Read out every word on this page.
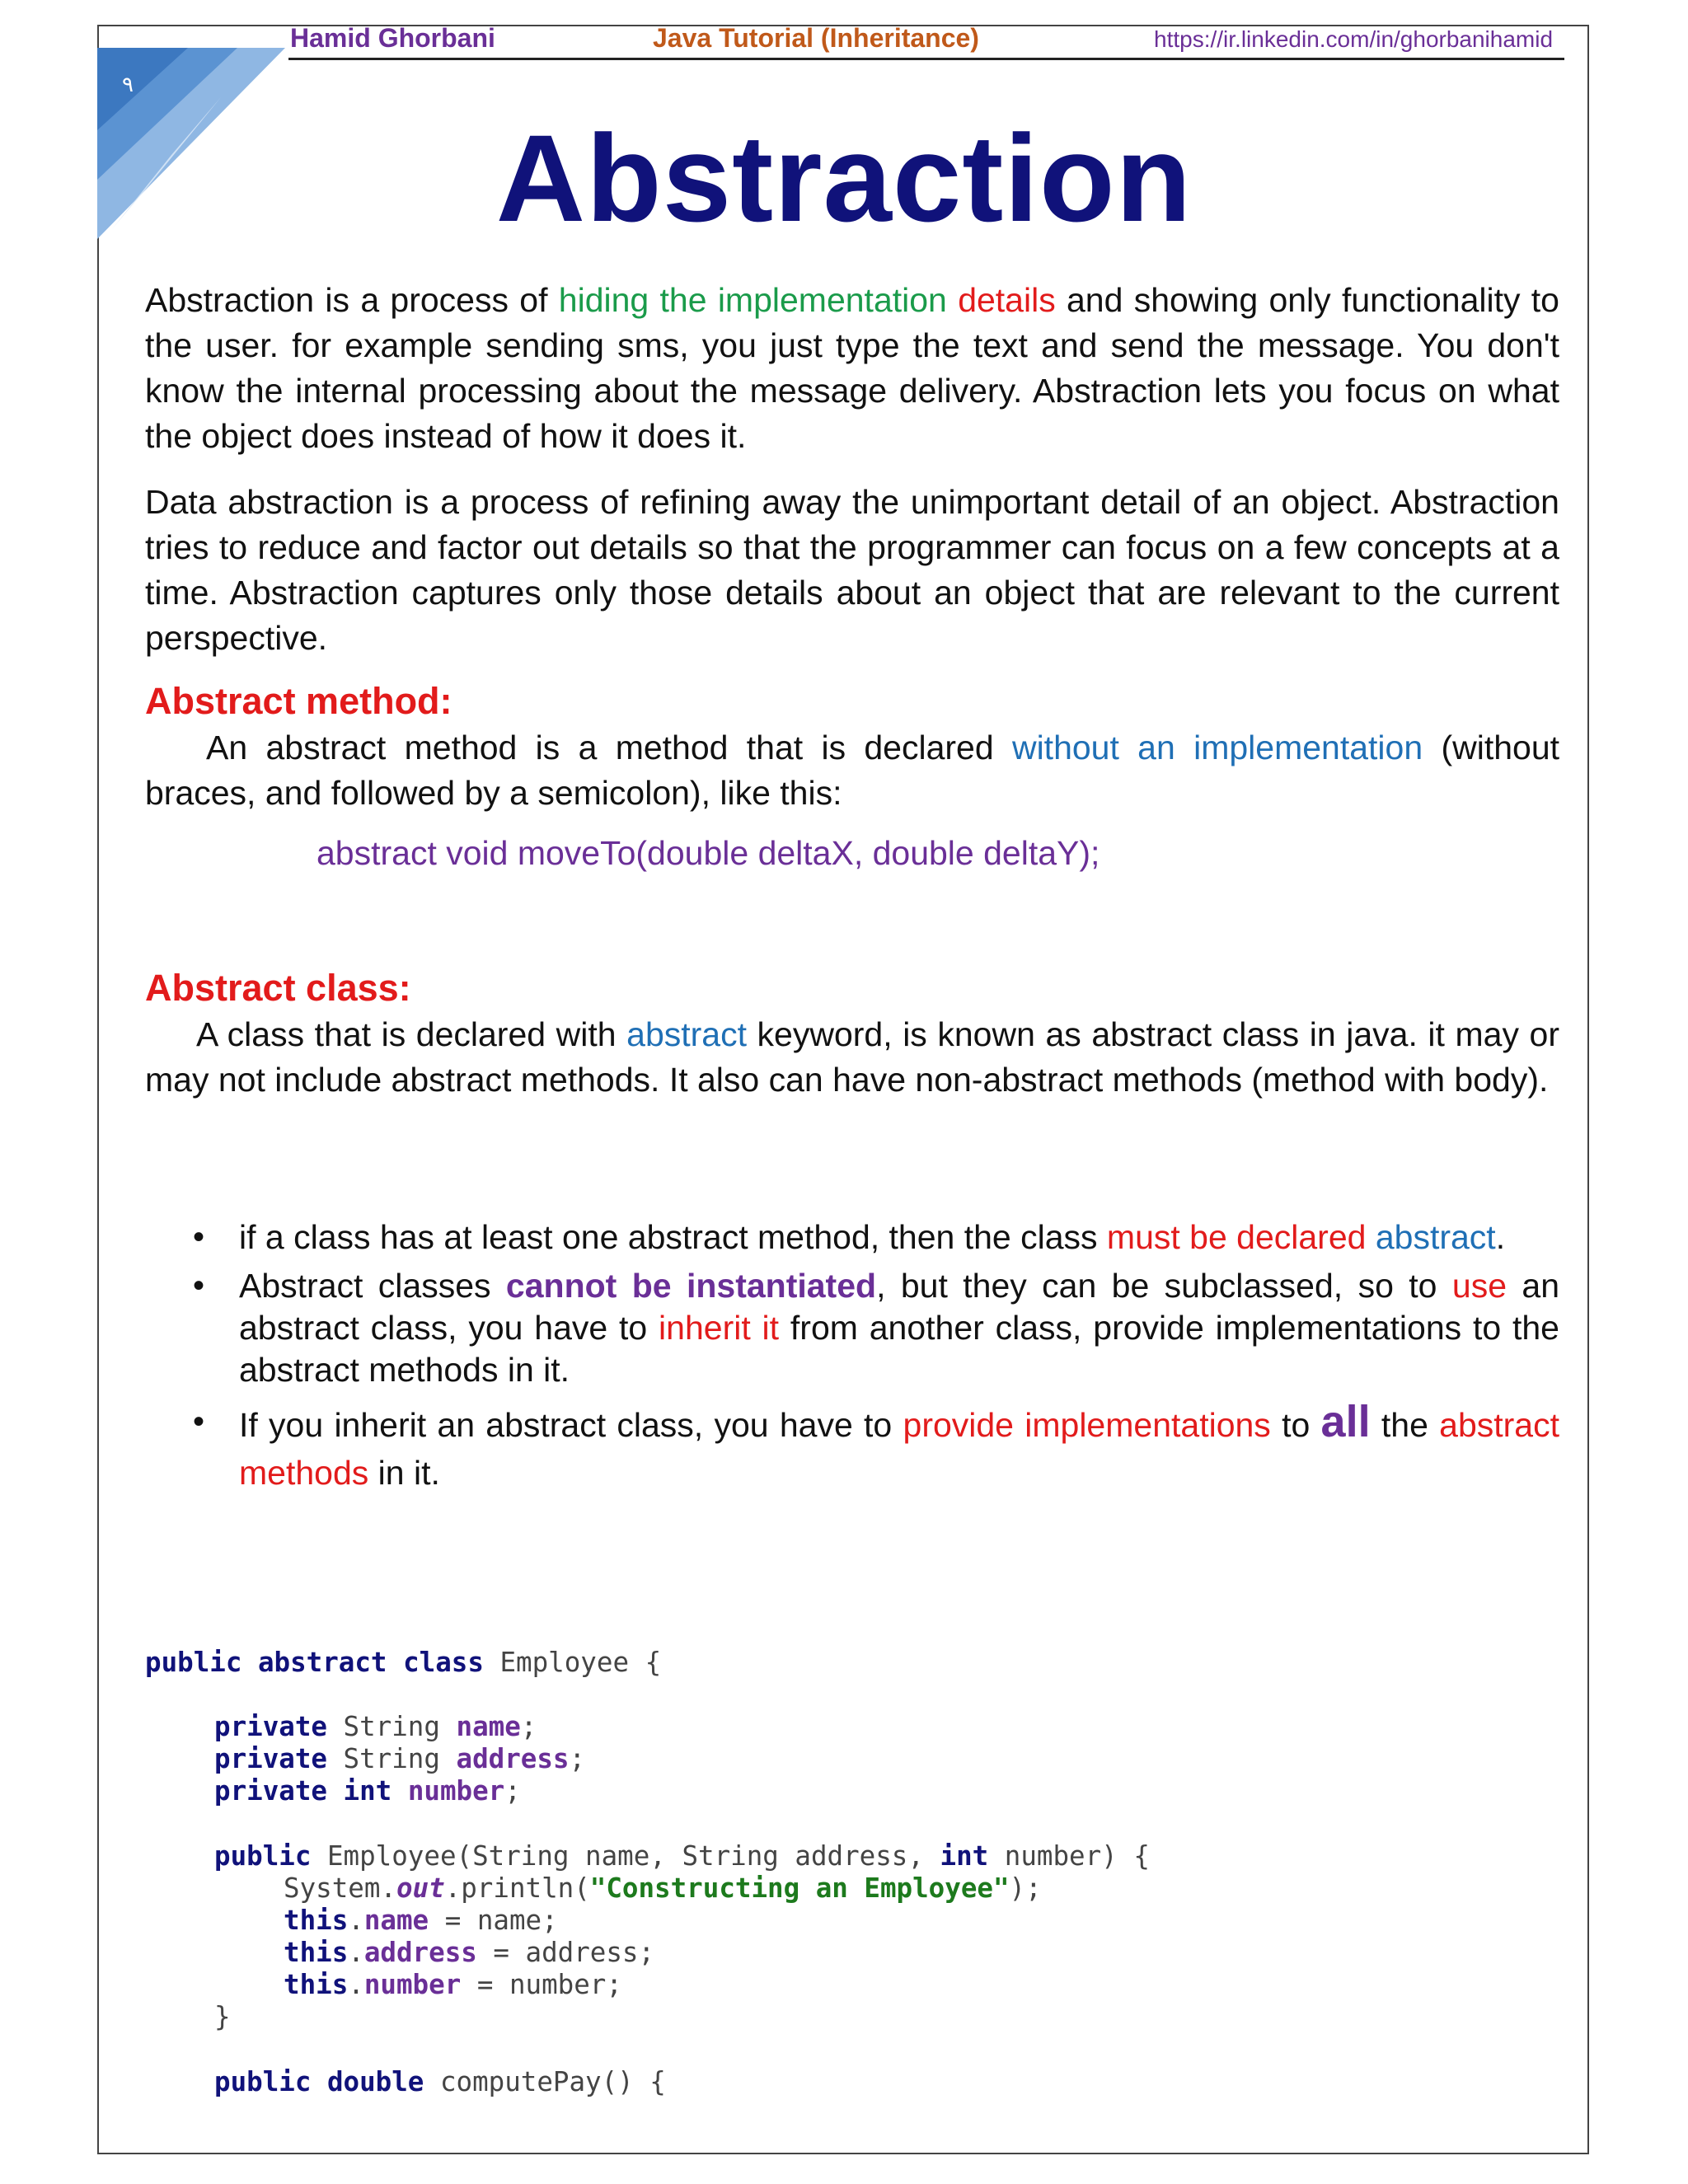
۹
Hamid Ghorbani	Java Tutorial (Inheritance)	https://ir.linkedin.com/in/ghorbanihamid
Abstraction
Abstraction is a process of hiding the implementation details and showing only functionality to the user. for example sending sms, you just type the text and send the message. You don't know the internal processing about the message delivery. Abstraction lets you focus on what the object does instead of how it does it.
Data abstraction is a process of refining away the unimportant detail of an object. Abstraction tries to reduce and factor out details so that the programmer can focus on a few concepts at a time. Abstraction captures only those details about an object that are relevant to the current perspective.
Abstract method:
An abstract method is a method that is declared without an implementation (without braces, and followed by a semicolon), like this:
abstract void moveTo(double deltaX, double deltaY);
Abstract class:
A class that is declared with abstract keyword, is known as abstract class in java. it may or may not include abstract methods. It also can have non-abstract methods (method with body).
• if a class has at least one abstract method, then the class must be declared abstract.
• Abstract classes cannot be instantiated, but they can be subclassed, so to use an abstract class, you have to inherit it from another class, provide implementations to the abstract methods in it.
• If you inherit an abstract class, you have to provide implementations to all the abstract methods in it.
public abstract class Employee {
private String name;
private String address;
private int number;
public Employee(String name, String address, int number) {
System.out.println("Constructing an Employee");
this.name = name;
this.address = address;
this.number = number;
}
public double computePay() {
